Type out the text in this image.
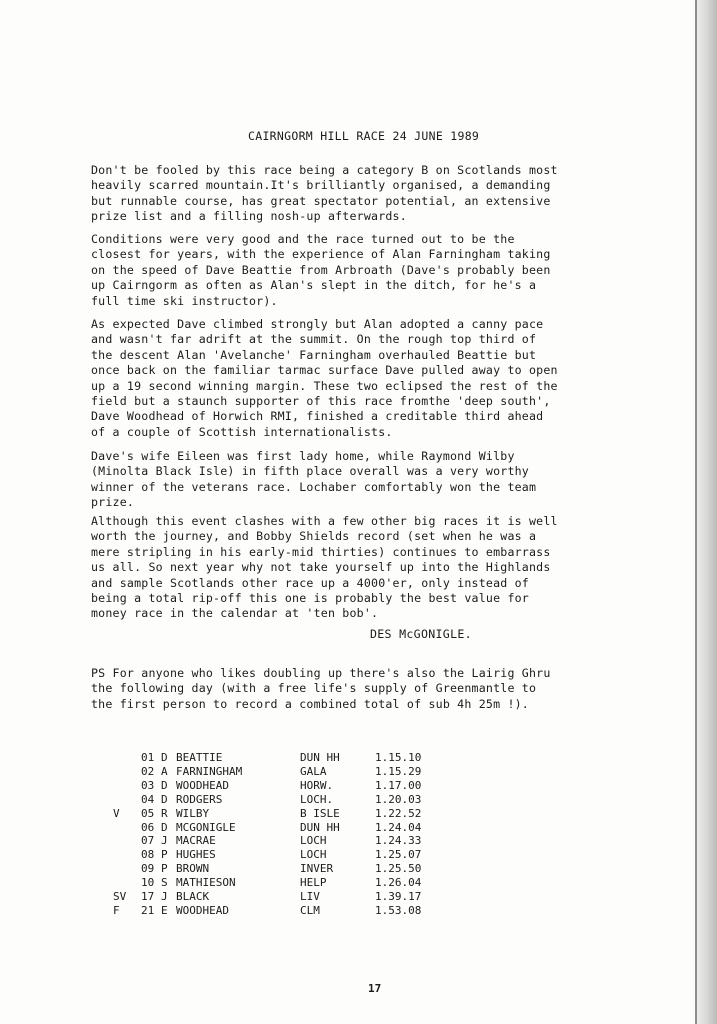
CAIRNGORM HILL RACE 24 JUNE 1989
Don't be fooled by this race being a category B on Scotlands most
heavily scarred mountain.It's brilliantly organised, a demanding
but runnable course, has great spectator potential, an extensive
prize list and a filling nosh-up afterwards.
Conditions were very good and the race turned out to be the
closest for years, with the experience of Alan Farningham taking
on the speed of Dave Beattie from Arbroath (Dave's probably been
up Cairngorm as often as Alan's slept in the ditch, for he's a
full time ski instructor).
As expected Dave climbed strongly but Alan adopted a canny pace
and wasn't far adrift at the summit. On the rough top third of
the descent Alan 'Avelanche' Farningham overhauled Beattie but
once back on the familiar tarmac surface Dave pulled away to open
up a 19 second winning margin. These two eclipsed the rest of the
field but a staunch supporter of this race fromthe 'deep south',
Dave Woodhead of Horwich RMI, finished a creditable third ahead
of a couple of Scottish internationalists.
Dave's wife Eileen was first lady home, while Raymond Wilby
(Minolta Black Isle) in fifth place overall was a very worthy
winner of the veterans race. Lochaber comfortably won the team
prize.
Although this event clashes with a few other big races it is well
worth the journey, and Bobby Shields record (set when he was a
mere stripling in his early-mid thirties) continues to embarrass
us all. So next year why not take yourself up into the Highlands
and sample Scotlands other race up a 4000'er, only instead of
being a total rip-off this one is probably the best value for
money race in the calendar at 'ten bob'.
DES McGONIGLE.
PS For anyone who likes doubling up there's also the Lairig Ghru
the following day (with a free life's supply of Greenmantle to
the first person to record a combined total of sub 4h 25m !).
01 D BEATTIE	DUN HH	1.15.10
02 A FARNINGHAM	GALA	1.15.29
03 D WOODHEAD	HORW.	1.17.00
04 D RODGERS	LOCH.	1.20.03
V	05 R WILBY	B ISLE	1.22.52
06 D MCGONIGLE	DUN HH	1.24.04
07 J MACRAE	LOCH	1.24.33
08 P HUGHES	LOCH	1.25.07
09 P BROWN	INVER	1.25.50
10 S MATHIESON	HELP	1.26.04
SV	17 J BLACK	LIV	1.39.17
F	21 E WOODHEAD	CLM	1.53.08
17
